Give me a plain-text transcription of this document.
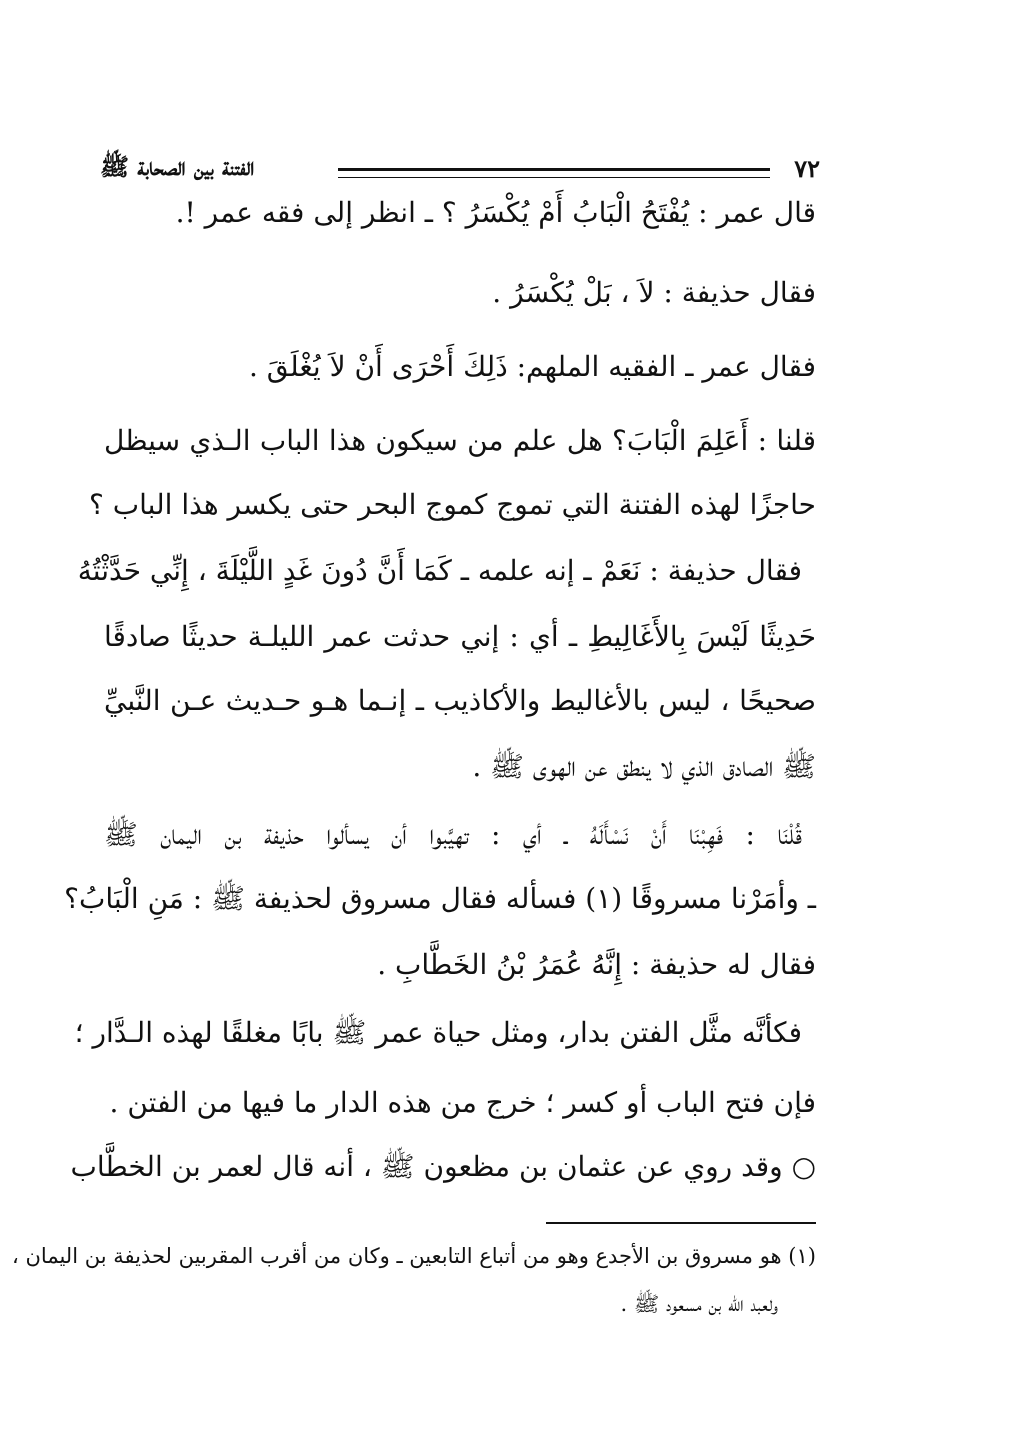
٧٢
الفتنة بين الصحابة ﷺ
قال عمر : يُفْتَحُ الْبَابُ أَمْ يُكْسَرُ ؟ ـ انظر إلى فقه عمر !.
فقال حذيفة : لاَ ، بَلْ يُكْسَرُ .
فقال عمر ـ الفقيه الملهم: ذَلِكَ أَحْرَى أَنْ لاَ يُغْلَقَ .
قلنا : أَعَلِمَ الْبَابَ؟ هل علم من سيكون هذا الباب الـذي سيظل
حاجزًا لهذه الفتنة التي تموج كموج البحر حتى يكسر هذا الباب ؟
فقال حذيفة : نَعَمْ ـ إنه علمه ـ كَمَا أَنَّ دُونَ غَدٍ اللَّيْلَةَ ، إِنِّي حَدَّثْتُهُ
حَدِيثًا لَيْسَ بِالأَغَالِيطِ ـ أي : إني حدثت عمر الليلـة حديثًا صادقًا
صحيحًا ، ليس بالأغاليط والأكاذيب ـ إنـما هـو حـديث عـن النَّبيِّ
ﷺ الصادق الذي لا ينطق عن الهوى ﷺ .
قُلْنَا : فَهِبْنَا أَنْ نَسْأَلَهُ ـ أي : تهيَّبوا أن يسألوا حذيفة بن اليمان ﷺ
ـ وأمَرْنا مسروقًا (١) فسأله فقال مسروق لحذيفة ﷺ : مَنِ الْبَابُ؟
فقال له حذيفة : إِنَّهُ عُمَرُ بْنُ الخَطَّابِ .
فكأنَّه مثَّل الفتن بدار، ومثل حياة عمر ﷺ بابًا مغلقًا لهذه الـدَّار ؛
فإن فتح الباب أو كسر ؛ خرج من هذه الدار ما فيها من الفتن .
○ وقد روي عن عثمان بن مظعون ﷺ ، أنه قال لعمر بن الخطَّاب
(١) هو مسروق بن الأجدع وهو من أتباع التابعين ـ وكان من أقرب المقربين لحذيفة بن اليمان ،
ولعبد الله بن مسعود ﷺ .
